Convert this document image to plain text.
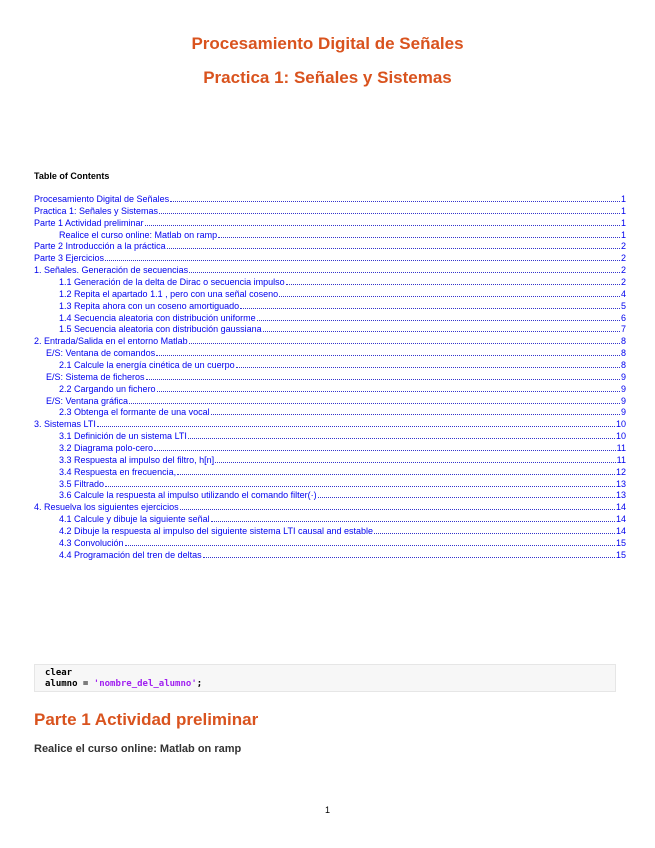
Procesamiento Digital de Señales
Practica 1: Señales y Sistemas
Table of Contents
Procesamiento Digital de Señales	1
Practica 1: Señales y Sistemas	1
Parte 1 Actividad preliminar	1
Realice el curso online: Matlab on ramp	1
Parte 2 Introducción a la práctica	2
Parte 3 Ejercicios	2
1. Señales. Generación de secuencias	2
1.1 Generación de la delta de Dirac o secuencia impulso	2
1.2 Repita el apartado 1.1 , pero con una señal coseno	4
1.3 Repita ahora con un coseno amortiguado	5
1.4 Secuencia aleatoria con distribución uniforme	6
1.5 Secuencia aleatoria con distribución gaussiana	7
2. Entrada/Salida en el entorno Matlab	8
E/S: Ventana de comandos	8
2.1 Calcule la energía cinética de un cuerpo	8
E/S: Sistema de ficheros	9
2.2 Cargando un fichero	9
E/S: Ventana gráfica	9
2.3 Obtenga el formante de una vocal	9
3. Sistemas LTI	10
3.1 Definición de un sistema LTI	10
3.2 Diagrama polo-cero	11
3.3 Respuesta al impulso del filtro, h[n]	11
3.4 Respuesta en frecuencia,	12
3.5 Filtrado	13
3.6 Calcule la respuesta al impulso utilizando el comando filter(·)	13
4. Resuelva los siguientes ejercicios	14
4.1 Calcule y dibuje la siguiente señal	14
4.2 Dibuje la respuesta al impulso del siguiente sistema LTI causal and estable	14
4.3 Convolución	15
4.4 Programación del tren de deltas	15
clear
alumno = 'nombre_del_alumno';
Parte 1 Actividad preliminar
Realice el curso online: Matlab on ramp
1
